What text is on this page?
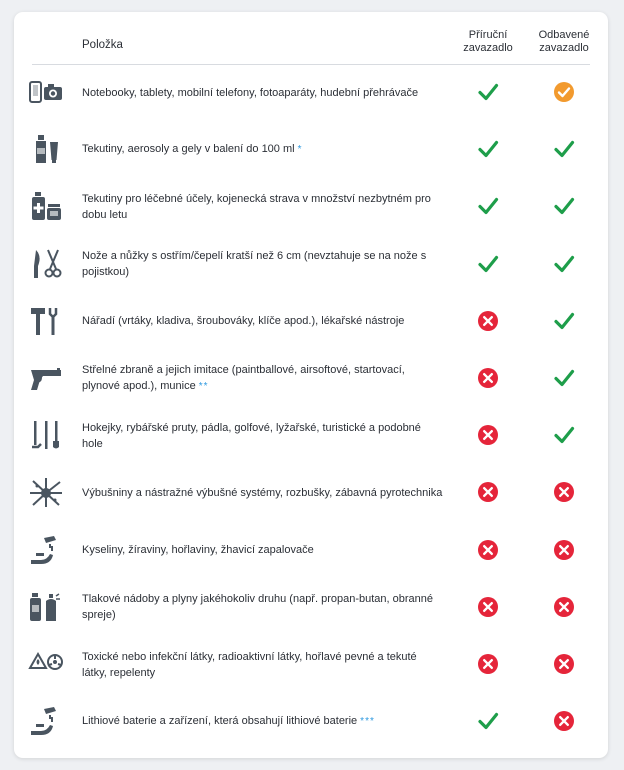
Položka
Příruční
zavazadlo
Odbavené
zavazadlo
Notebooky, tablety, mobilní telefony, fotoaparáty, hudební přehrávače
Tekutiny, aerosoly a gely v balení do 100 ml *
Tekutiny pro léčebné účely, kojenecká strava v množství nezbytném pro dobu letu
Nože a nůžky s ostřím/čepelí kratší než 6 cm (nevztahuje se na nože s pojistkou)
Nářadí (vrtáky, kladiva, šroubováky, klíče apod.), lékařské nástroje
Střelné zbraně a jejich imitace (paintballové, airsoftové, startovací, plynové apod.), munice **
Hokejky, rybářské pruty, pádla, golfové, lyžařské, turistické a podobné hole
Výbušniny a nástražné výbušné systémy, rozbušky, zábavná pyrotechnika
Kyseliny, žíraviny, hořlaviny, žhavicí zapalovače
Tlakové nádoby a plyny jakéhokoliv druhu (např. propan-butan, obranné spreje)
Toxické nebo infekční látky, radioaktivní látky, hořlavé pevné a tekuté látky, repelenty
Lithiové baterie a zařízení, která obsahují lithiové baterie ***
